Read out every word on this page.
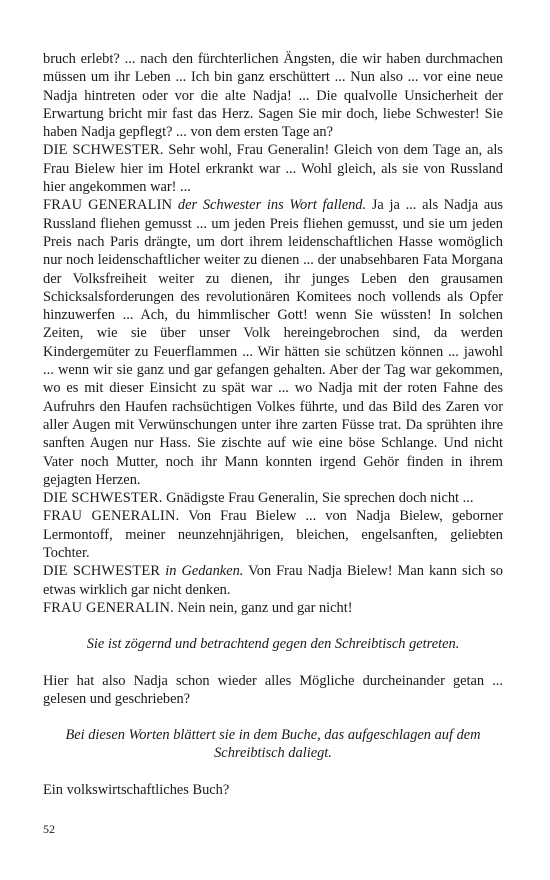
bruch erlebt? ... nach den fürchterlichen Ängsten, die wir haben durchmachen müssen um ihr Leben ... Ich bin ganz erschüttert ... Nun also ... vor eine neue Nadja hintreten oder vor die alte Nadja! ... Die qualvolle Unsicherheit der Erwartung bricht mir fast das Herz. Sagen Sie mir doch, liebe Schwester! Sie haben Nadja gepflegt? ... von dem ersten Tage an?

DIE SCHWESTER. Sehr wohl, Frau Generalin! Gleich von dem Tage an, als Frau Bielew hier im Hotel erkrankt war ... Wohl gleich, als sie von Russland hier angekommen war! ...

FRAU GENERALIN der Schwester ins Wort fallend. Ja ja ... als Nadja aus Russland fliehen gemusst ... um jeden Preis fliehen gemusst, und sie um jeden Preis nach Paris drängte, um dort ihrem leidenschaftlichen Hasse womöglich nur noch leidenschaftlicher weiter zu dienen ... der unabsehbaren Fata Morgana der Volksfreiheit weiter zu dienen, ihr junges Leben den grausamen Schicksalsforderungen des revolutionären Komitees noch vollends als Opfer hinzuwerfen ... Ach, du himmlischer Gott! wenn Sie wüssten! In solchen Zeiten, wie sie über unser Volk hereingebrochen sind, da werden Kindergemüter zu Feuerflammen ... Wir hätten sie schützen können ... jawohl ... wenn wir sie ganz und gar gefangen gehalten. Aber der Tag war gekommen, wo es mit dieser Einsicht zu spät war ... wo Nadja mit der roten Fahne des Aufruhrs den Haufen rachsüchtigen Volkes führte, und das Bild des Zaren vor aller Augen mit Verwünschungen unter ihre zarten Füsse trat. Da sprühten ihre sanften Augen nur Hass. Sie zischte auf wie eine böse Schlange. Und nicht Vater noch Mutter, noch ihr Mann konnten irgend Gehör finden in ihrem gejagten Herzen.

DIE SCHWESTER. Gnädigste Frau Generalin, Sie sprechen doch nicht ...

FRAU GENERALIN. Von Frau Bielew ... von Nadja Bielew, geborner Lermontoff, meiner neunzehnjährigen, bleichen, engelsanften, geliebten Tochter.

DIE SCHWESTER in Gedanken. Von Frau Nadja Bielew! Man kann sich so etwas wirklich gar nicht denken.

FRAU GENERALIN. Nein nein, ganz und gar nicht!

Sie ist zögernd und betrachtend gegen den Schreibtisch getreten.

Hier hat also Nadja schon wieder alles Mögliche durcheinander getan ... gelesen und geschrieben?

Bei diesen Worten blättert sie in dem Buche, das aufgeschlagen auf dem Schreibtisch daliegt.

Ein volkswirtschaftliches Buch?

52
